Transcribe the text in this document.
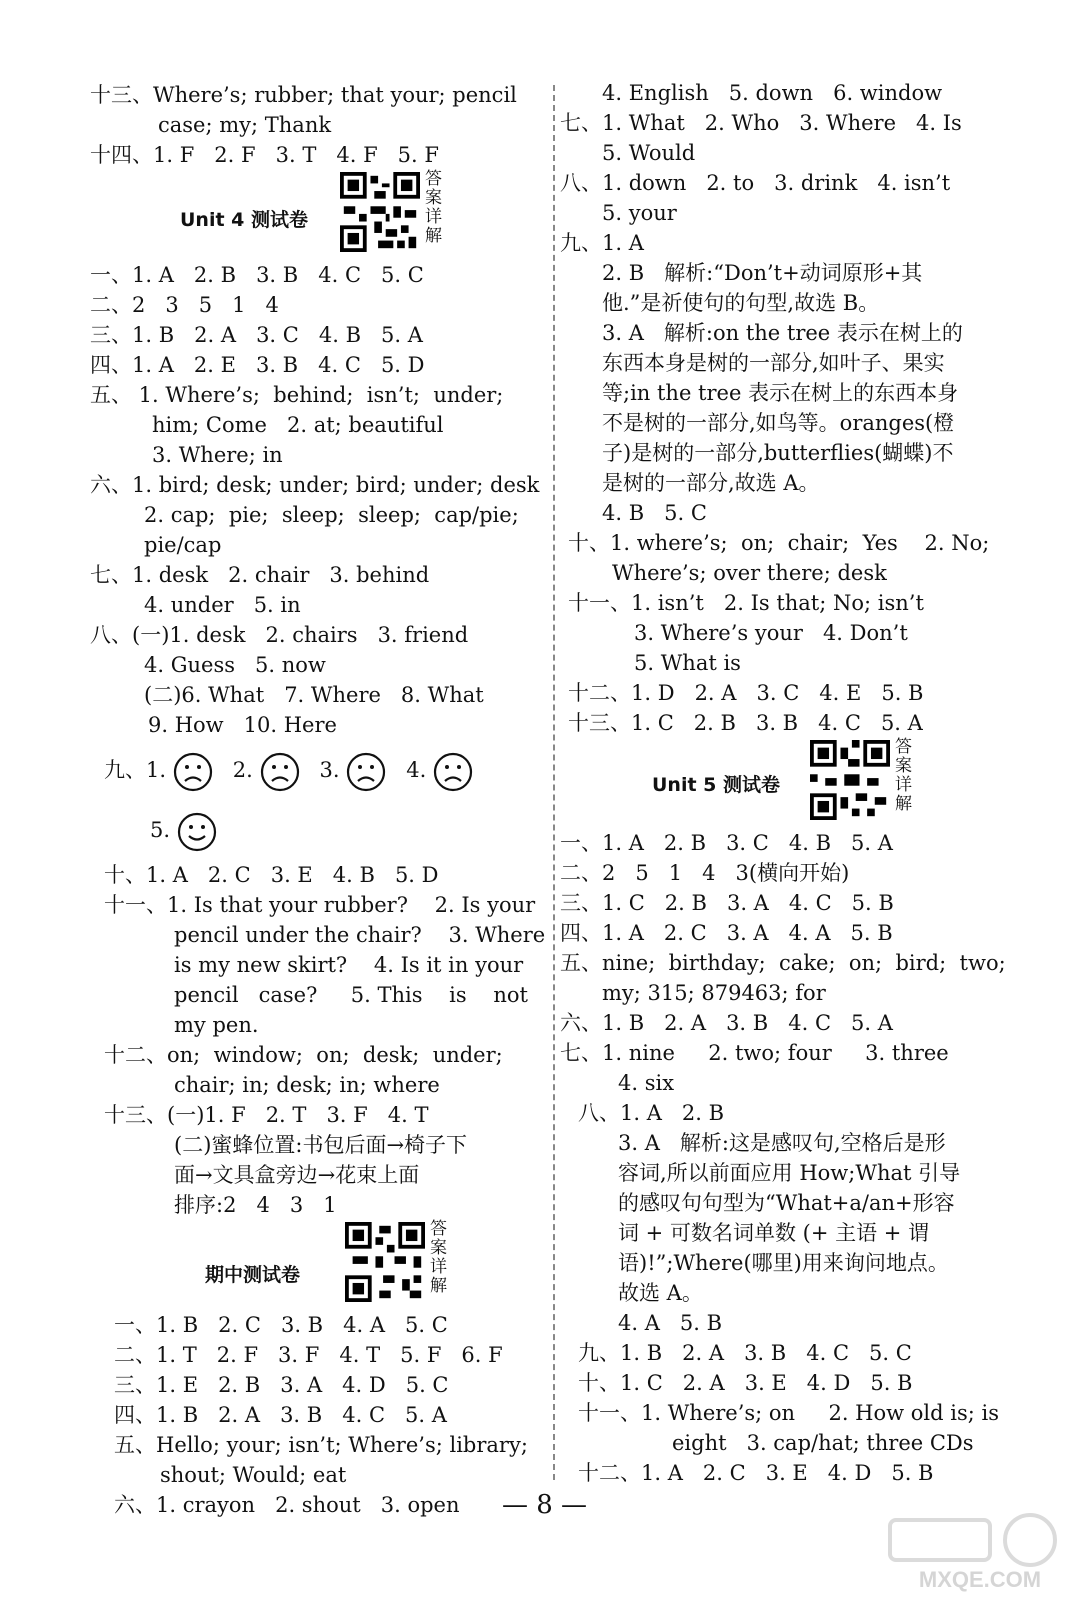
十三、Where’s; rubber; that your; pencil
case; my; Thank
十四、1. F   2. F   3. T   4. F   5. F
Unit 4 测试卷
答案详解
一、1. A   2. B   3. B   4. C   5. C
二、2   3   5   1   4
三、1. B   2. A   3. C   4. B   5. A
四、1. A   2. E   3. B   4. C   5. D
五、 1. Where’s;  behind;  isn’t;  under;
him; Come   2. at; beautiful
3. Where; in
六、1. bird; desk; under; bird; under; desk
2. cap;  pie;  sleep;  sleep;  cap/pie;
pie/cap
七、1. desk   2. chair   3. behind
4. under   5. in
八、(一)1. desk   2. chairs   3. friend
4. Guess   5. now
(二)6. What   7. Where   8. What
9. How   10. Here
九、1.	2.	3.	4.
5.
十、1. A   2. C   3. E   4. B   5. D
十一、1. Is that your rubber?    2. Is your
pencil under the chair?    3. Where
is my new skirt?    4. Is it in your
pencil   case?     5. This    is    not
my pen.
十二、on;  window;  on;  desk;  under;
chair; in; desk; in; where
十三、(一)1. F   2. T   3. F   4. T
(二)蜜蜂位置:书包后面→椅子下
面→文具盒旁边→花束上面
排序:2   4   3   1
期中测试卷
答案详解
一、1. B   2. C   3. B   4. A   5. C
二、1. T   2. F   3. F   4. T   5. F   6. F
三、1. E   2. B   3. A   4. D   5. C
四、1. B   2. A   3. B   4. C   5. A
五、Hello; your; isn’t; Where’s; library;
shout; Would; eat
六、1. crayon   2. shout   3. open
4. English   5. down   6. window
七、1. What   2. Who   3. Where   4. Is
5. Would
八、1. down   2. to   3. drink   4. isn’t
5. your
九、1. A
2. B   解析:“Don’t+动词原形+其
他.”是祈使句的句型,故选 B。
3. A   解析:on the tree 表示在树上的
东西本身是树的一部分,如叶子、果实
等;in the tree 表示在树上的东西本身
不是树的一部分,如鸟等。oranges(橙
子)是树的一部分,butterflies(蝴蝶)不
是树的一部分,故选 A。
4. B   5. C
十、1. where’s;  on;  chair;  Yes    2. No;
Where’s; over there; desk
十一、1. isn’t   2. Is that; No; isn’t
3. Where’s your   4. Don’t
5. What is
十二、1. D   2. A   3. C   4. E   5. B
十三、1. C   2. B   3. B   4. C   5. A
Unit 5 测试卷
答案详解
一、1. A   2. B   3. C   4. B   5. A
二、2   5   1   4   3(横向开始)
三、1. C   2. B   3. A   4. C   5. B
四、1. A   2. C   3. A   4. A   5. B
五、nine;  birthday;  cake;  on;  bird;  two;
my; 315; 879463; for
六、1. B   2. A   3. B   4. C   5. A
七、1. nine     2. two; four     3. three
4. six
八、1. A   2. B
3. A   解析:这是感叹句,空格后是形
容词,所以前面应用 How;What 引导
的感叹句句型为“What+a/an+形容
词 + 可数名词单数 (+ 主语 + 谓
语)!”;Where(哪里)用来询问地点。
故选 A。
4. A   5. B
九、1. B   2. A   3. B   4. C   5. C
十、1. C   2. A   3. E   4. D   5. B
十一、1. Where’s; on     2. How old is; is
eight   3. cap/hat; three CDs
十二、1. A   2. C   3. E   4. D   5. B
— 8 —
MXQE.COM
